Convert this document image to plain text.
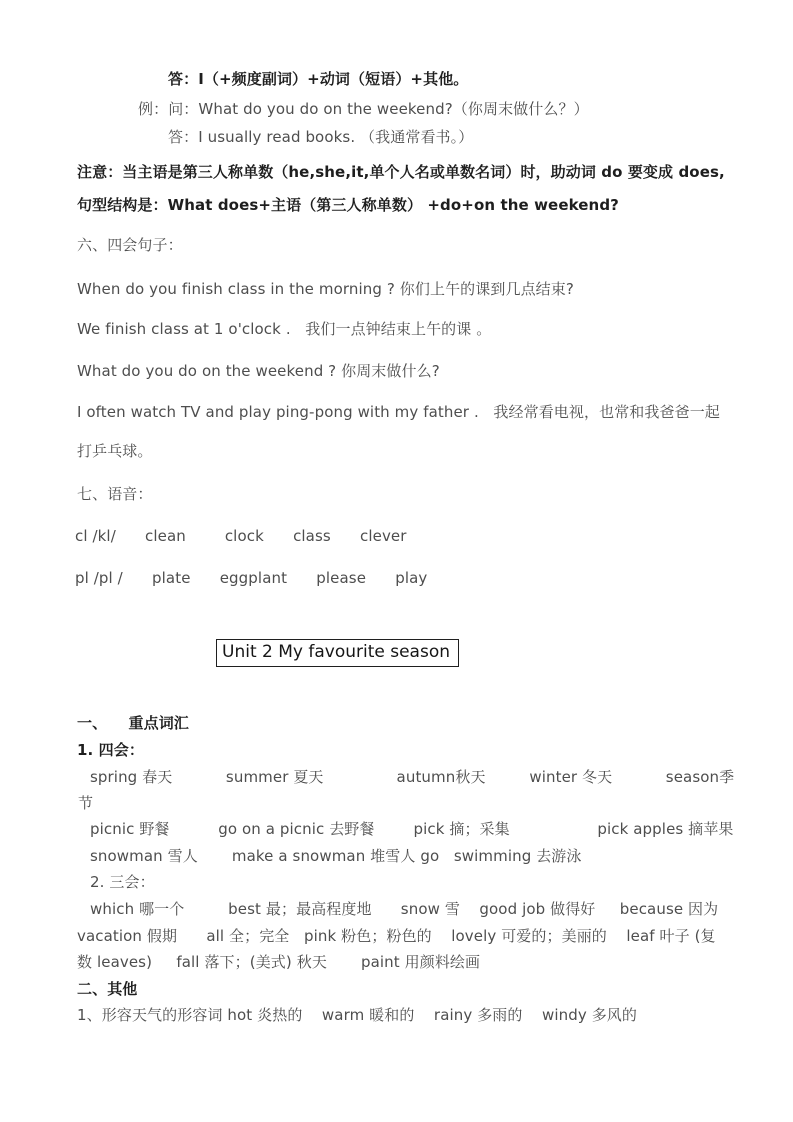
答：I（+频度副词）+动词（短语）+其他。

例：问：What do you do on the weekend?（你周末做什么？）

答：I usually read books. （我通常看书。）

注意：当主语是第三人称单数（he,she,it,单个人名或单数名词）时，助动词 do 要变成 does,

句型结构是：What does+主语（第三人称单数） +do+on the weekend?

六、四会句子：

When do you finish class in the morning ? 你们上午的课到几点结束?

We finish class at 1 o'clock .   我们一点钟结束上午的课 。

What do you do on the weekend ? 你周末做什么?

I often watch TV and play ping-pong with my father .   我经常看电视，也常和我爸爸一起

打乒乓球。

七、语音：

cl /kl/      clean        clock      class      clever

pl /pl /      plate      eggplant      please      play

Unit 2 My favourite season

一、    重点词汇

1. 四会：

spring 春天           summer 夏天               autumn秋天         winter 冬天           season季

节

picnic 野餐          go on a picnic 去野餐        pick 摘；采集                  pick apples 摘苹果

snowman 雪人       make a snowman 堆雪人 go   swimming 去游泳

2. 三会：

which 哪一个         best 最；最高程度地      snow 雪    good job 做得好     because 因为

vacation 假期      all 全；完全   pink 粉色；粉色的    lovely 可爱的；美丽的    leaf 叶子 (复

数 leaves)     fall 落下；(美式) 秋天       paint 用颜料绘画

二、其他

1、形容天气的形容词 hot 炎热的    warm 暖和的    rainy 多雨的    windy 多风的
